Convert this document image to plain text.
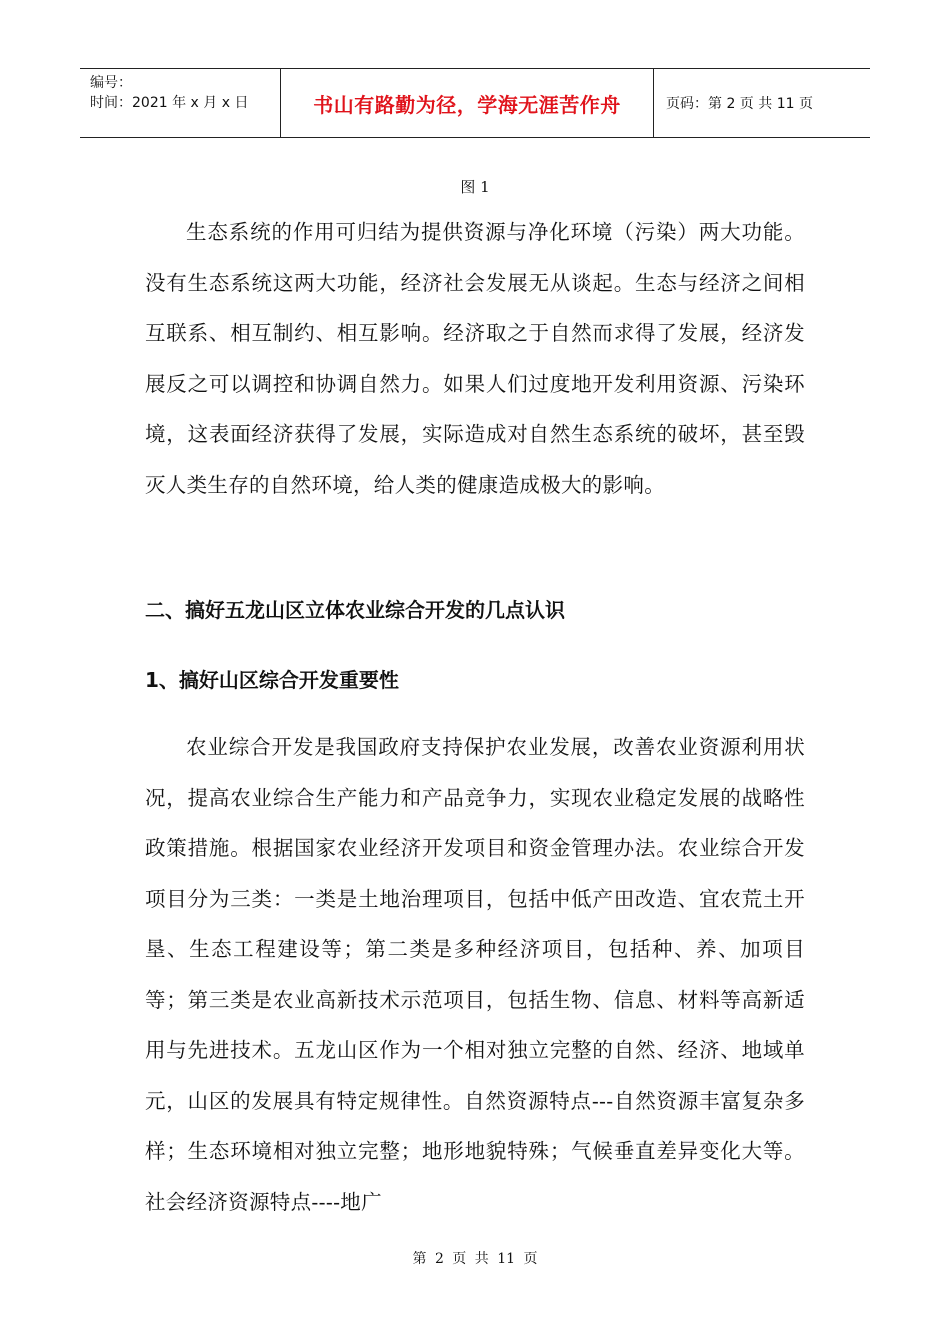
编号：
时间：2021 年 x 月 x 日	书山有路勤为径，学海无涯苦作舟	页码：第 2 页 共 11 页
图 1
生态系统的作用可归结为提供资源与净化环境（污染）两大功能。没有生态系统这两大功能，经济社会发展无从谈起。生态与经济之间相互联系、相互制约、相互影响。经济取之于自然而求得了发展，经济发展反之可以调控和协调自然力。如果人们过度地开发利用资源、污染环境，这表面经济获得了发展，实际造成对自然生态系统的破坏，甚至毁灭人类生存的自然环境，给人类的健康造成极大的影响。
二、搞好五龙山区立体农业综合开发的几点认识
1、搞好山区综合开发重要性
农业综合开发是我国政府支持保护农业发展，改善农业资源利用状况，提高农业综合生产能力和产品竞争力，实现农业稳定发展的战略性政策措施。根据国家农业经济开发项目和资金管理办法。农业综合开发项目分为三类：一类是土地治理项目，包括中低产田改造、宜农荒土开垦、生态工程建设等；第二类是多种经济项目，包括种、养、加项目等；第三类是农业高新技术示范项目，包括生物、信息、材料等高新适用与先进技术。五龙山区作为一个相对独立完整的自然、经济、地域单元，山区的发展具有特定规律性。自然资源特点---自然资源丰富复杂多样；生态环境相对独立完整；地形地貌特殊；气候垂直差异变化大等。社会经济资源特点----地广
第 2 页 共 11 页
